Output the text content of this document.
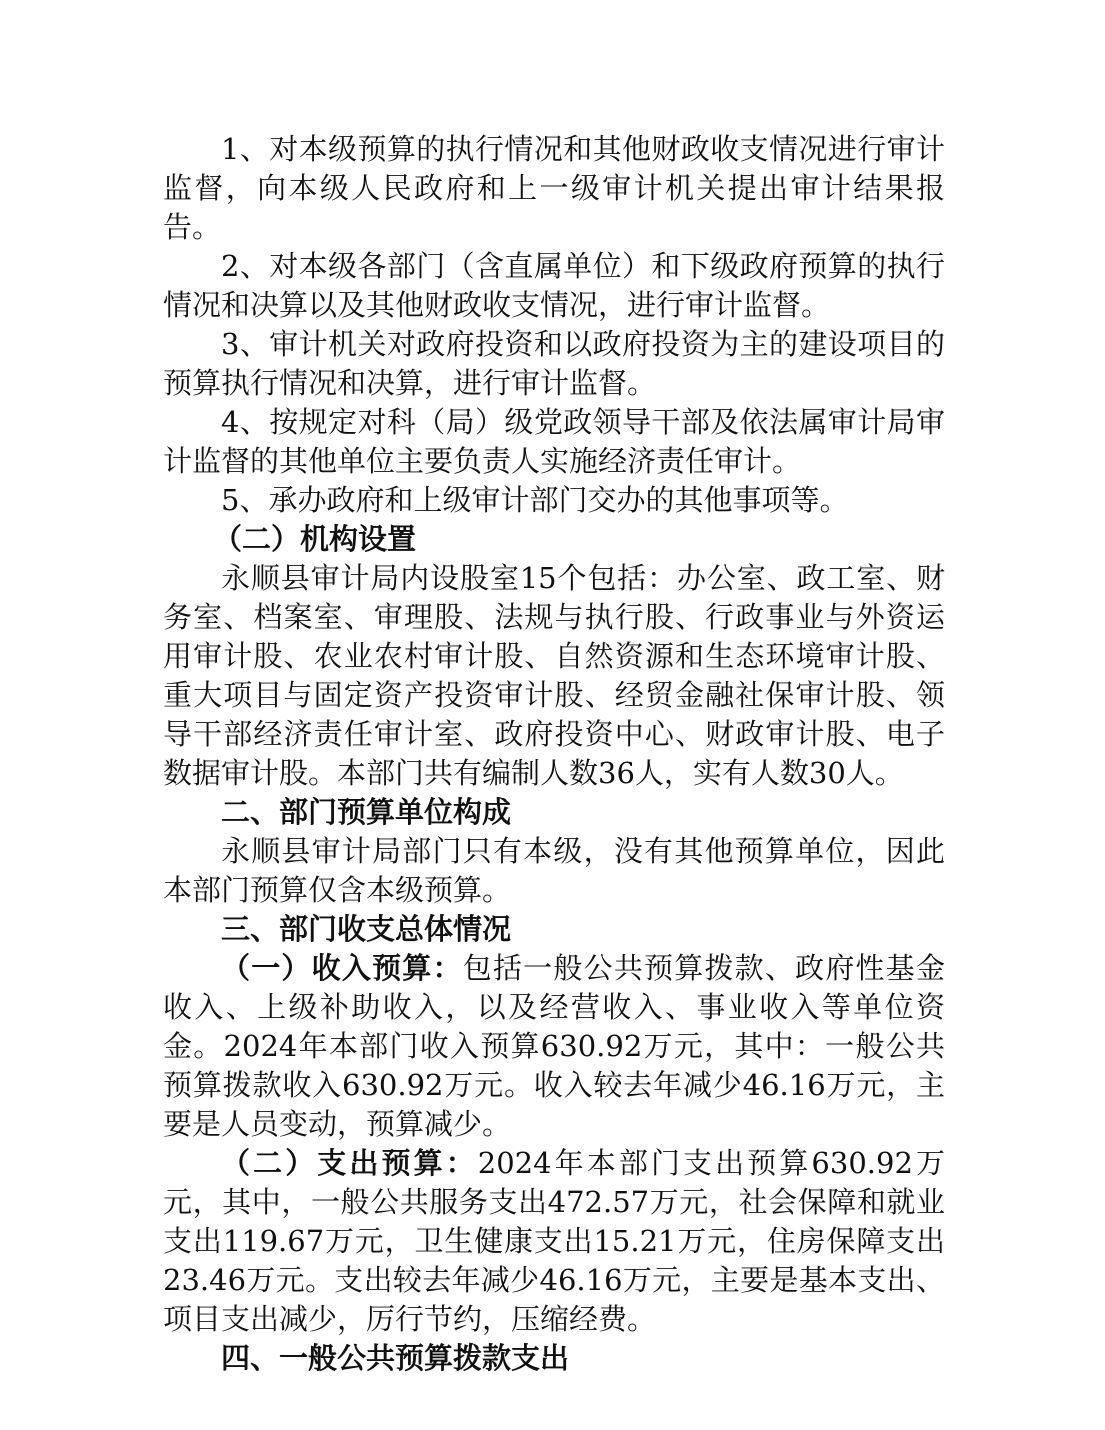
1、对本级预算的执行情况和其他财政收支情况进行审计监督，向本级人民政府和上一级审计机关提出审计结果报告。

2、对本级各部门（含直属单位）和下级政府预算的执行情况和决算以及其他财政收支情况，进行审计监督。

3、审计机关对政府投资和以政府投资为主的建设项目的预算执行情况和决算，进行审计监督。

4、按规定对科（局）级党政领导干部及依法属审计局审计监督的其他单位主要负责人实施经济责任审计。

5、承办政府和上级审计部门交办的其他事项等。

（二）机构设置

永顺县审计局内设股室15个包括：办公室、政工室、财务室、档案室、审理股、法规与执行股、行政事业与外资运用审计股、农业农村审计股、自然资源和生态环境审计股、重大项目与固定资产投资审计股、经贸金融社保审计股、领导干部经济责任审计室、政府投资中心、财政审计股、电子数据审计股。本部门共有编制人数36人，实有人数30人。

二、部门预算单位构成

永顺县审计局部门只有本级，没有其他预算单位，因此本部门预算仅含本级预算。

三、部门收支总体情况

（一）收入预算：包括一般公共预算拨款、政府性基金收入、上级补助收入，以及经营收入、事业收入等单位资金。2024年本部门收入预算630.92万元，其中：一般公共预算拨款收入630.92万元。收入较去年减少46.16万元，主要是人员变动，预算减少。

（二）支出预算：2024年本部门支出预算630.92万元，其中，一般公共服务支出472.57万元，社会保障和就业支出119.67万元，卫生健康支出15.21万元，住房保障支出23.46万元。支出较去年减少46.16万元，主要是基本支出、项目支出减少，厉行节约，压缩经费。

四、一般公共预算拨款支出
